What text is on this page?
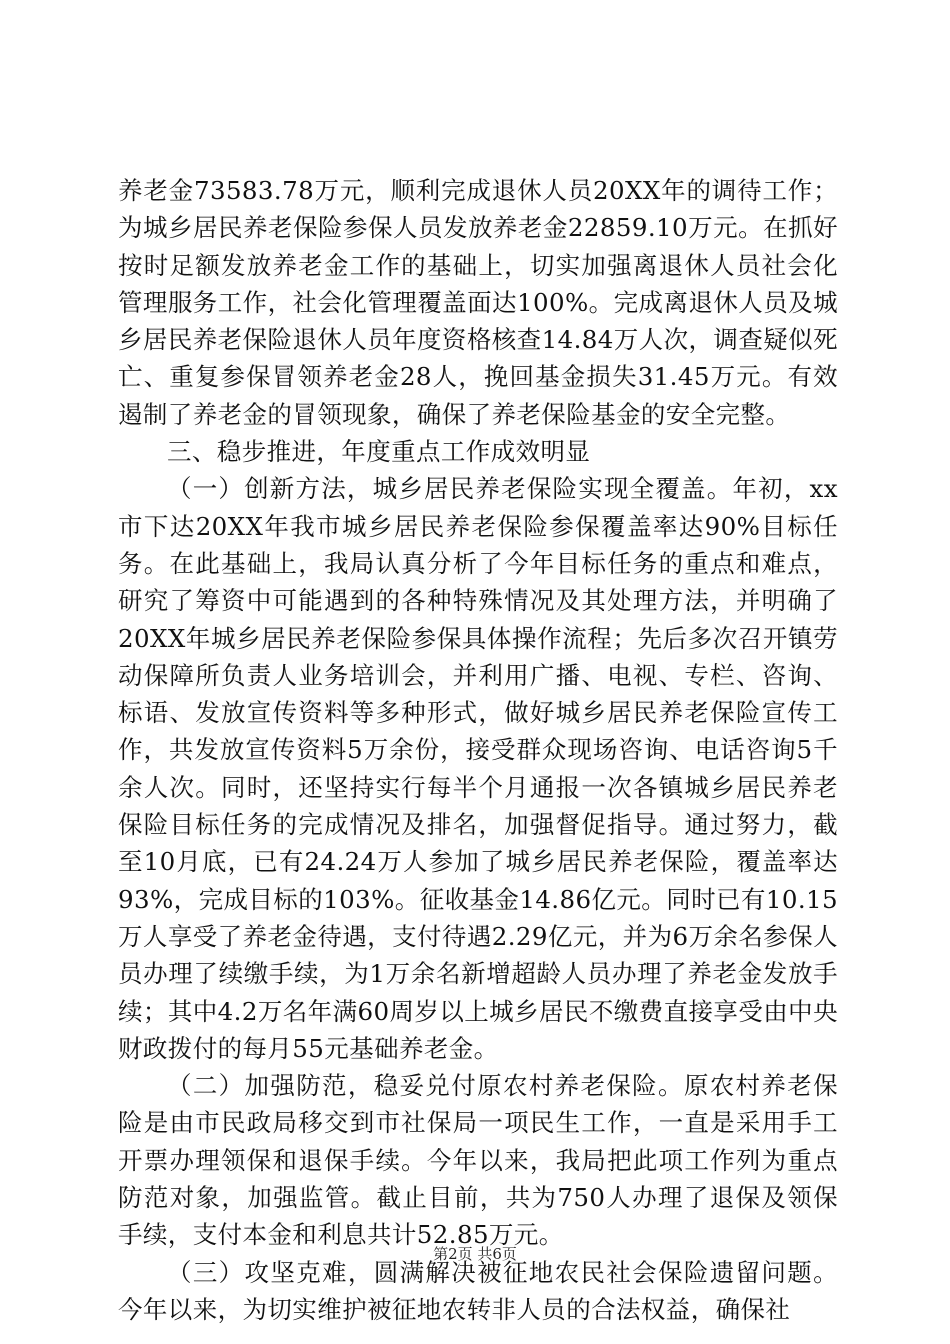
养老金73583.78万元，顺利完成退休人员20XX年的调待工作；为城乡居民养老保险参保人员发放养老金22859.10万元。在抓好按时足额发放养老金工作的基础上，切实加强离退休人员社会化管理服务工作，社会化管理覆盖面达100%。完成离退休人员及城乡居民养老保险退休人员年度资格核查14.84万人次，调查疑似死亡、重复参保冒领养老金28人，挽回基金损失31.45万元。有效遏制了养老金的冒领现象，确保了养老保险基金的安全完整。

三、稳步推进，年度重点工作成效明显

（一）创新方法，城乡居民养老保险实现全覆盖。年初，xx市下达20XX年我市城乡居民养老保险参保覆盖率达90%目标任务。在此基础上，我局认真分析了今年目标任务的重点和难点，研究了筹资中可能遇到的各种特殊情况及其处理方法，并明确了20XX年城乡居民养老保险参保具体操作流程；先后多次召开镇劳动保障所负责人业务培训会，并利用广播、电视、专栏、咨询、标语、发放宣传资料等多种形式，做好城乡居民养老保险宣传工作，共发放宣传资料5万余份，接受群众现场咨询、电话咨询5千余人次。同时，还坚持实行每半个月通报一次各镇城乡居民养老保险目标任务的完成情况及排名，加强督促指导。通过努力，截至10月底，已有24.24万人参加了城乡居民养老保险，覆盖率达93%，完成目标的103%。征收基金14.86亿元。同时已有10.15万人享受了养老金待遇，支付待遇2.29亿元，并为6万余名参保人员办理了续缴手续，为1万余名新增超龄人员办理了养老金发放手续；其中4.2万名年满60周岁以上城乡居民不缴费直接享受由中央财政拨付的每月55元基础养老金。

（二）加强防范，稳妥兑付原农村养老保险。原农村养老保险是由市民政局移交到市社保局一项民生工作，一直是采用手工开票办理领保和退保手续。今年以来，我局把此项工作列为重点防范对象，加强监管。截止目前，共为750人办理了退保及领保手续，支付本金和利息共计52.85万元。

（三）攻坚克难，圆满解决被征地农民社会保险遗留问题。今年以来，为切实维护被征地农转非人员的合法权益，确保社

第2页 共6页
